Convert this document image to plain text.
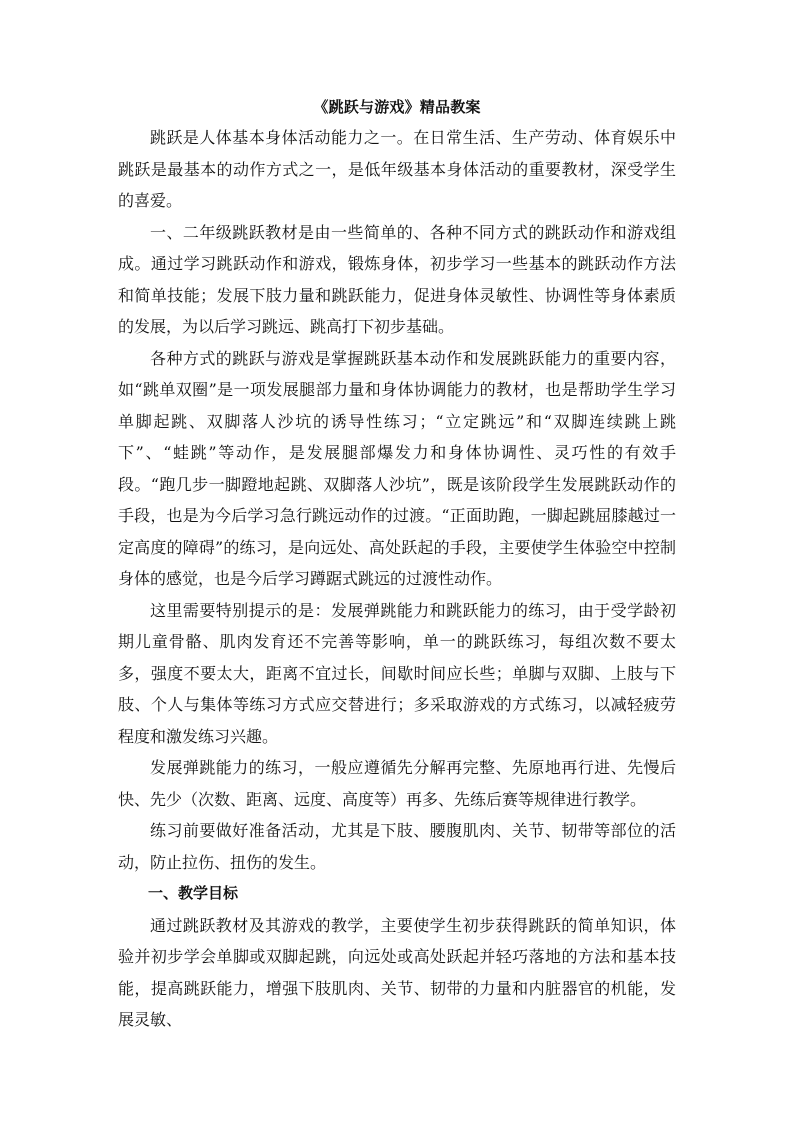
《跳跃与游戏》精品教案

跳跃是人体基本身体活动能力之一。在日常生活、生产劳动、体育娱乐中跳跃是最基本的动作方式之一，是低年级基本身体活动的重要教材，深受学生的喜爱。

一、二年级跳跃教材是由一些简单的、各种不同方式的跳跃动作和游戏组成。通过学习跳跃动作和游戏，锻炼身体，初步学习一些基本的跳跃动作方法和简单技能；发展下肢力量和跳跃能力，促进身体灵敏性、协调性等身体素质的发展，为以后学习跳远、跳高打下初步基础。

各种方式的跳跃与游戏是掌握跳跃基本动作和发展跳跃能力的重要内容，如“跳单双圈”是一项发展腿部力量和身体协调能力的教材，也是帮助学生学习单脚起跳、双脚落人沙坑的诱导性练习；“立定跳远”和“双脚连续跳上跳下”、“蛙跳”等动作，是发展腿部爆发力和身体协调性、灵巧性的有效手段。“跑几步一脚蹬地起跳、双脚落人沙坑”，既是该阶段学生发展跳跃动作的手段，也是为今后学习急行跳远动作的过渡。“正面助跑，一脚起跳屈膝越过一定高度的障碍”的练习，是向远处、高处跃起的手段，主要使学生体验空中控制身体的感觉，也是今后学习蹲踞式跳远的过渡性动作。

这里需要特别提示的是：发展弹跳能力和跳跃能力的练习，由于受学龄初期儿童骨骼、肌肉发育还不完善等影响，单一的跳跃练习，每组次数不要太多，强度不要太大，距离不宜过长，间歇时间应长些；单脚与双脚、上肢与下肢、个人与集体等练习方式应交替进行；多采取游戏的方式练习，以减轻疲劳程度和激发练习兴趣。

发展弹跳能力的练习，一般应遵循先分解再完整、先原地再行进、先慢后快、先少（次数、距离、远度、高度等）再多、先练后赛等规律进行教学。

练习前要做好准备活动，尤其是下肢、腰腹肌肉、关节、韧带等部位的活动，防止拉伤、扭伤的发生。

一、教学目标

通过跳跃教材及其游戏的教学，主要使学生初步获得跳跃的简单知识，体验并初步学会单脚或双脚起跳，向远处或高处跃起并轻巧落地的方法和基本技能，提高跳跃能力，增强下肢肌肉、关节、韧带的力量和内脏器官的机能，发展灵敏、
